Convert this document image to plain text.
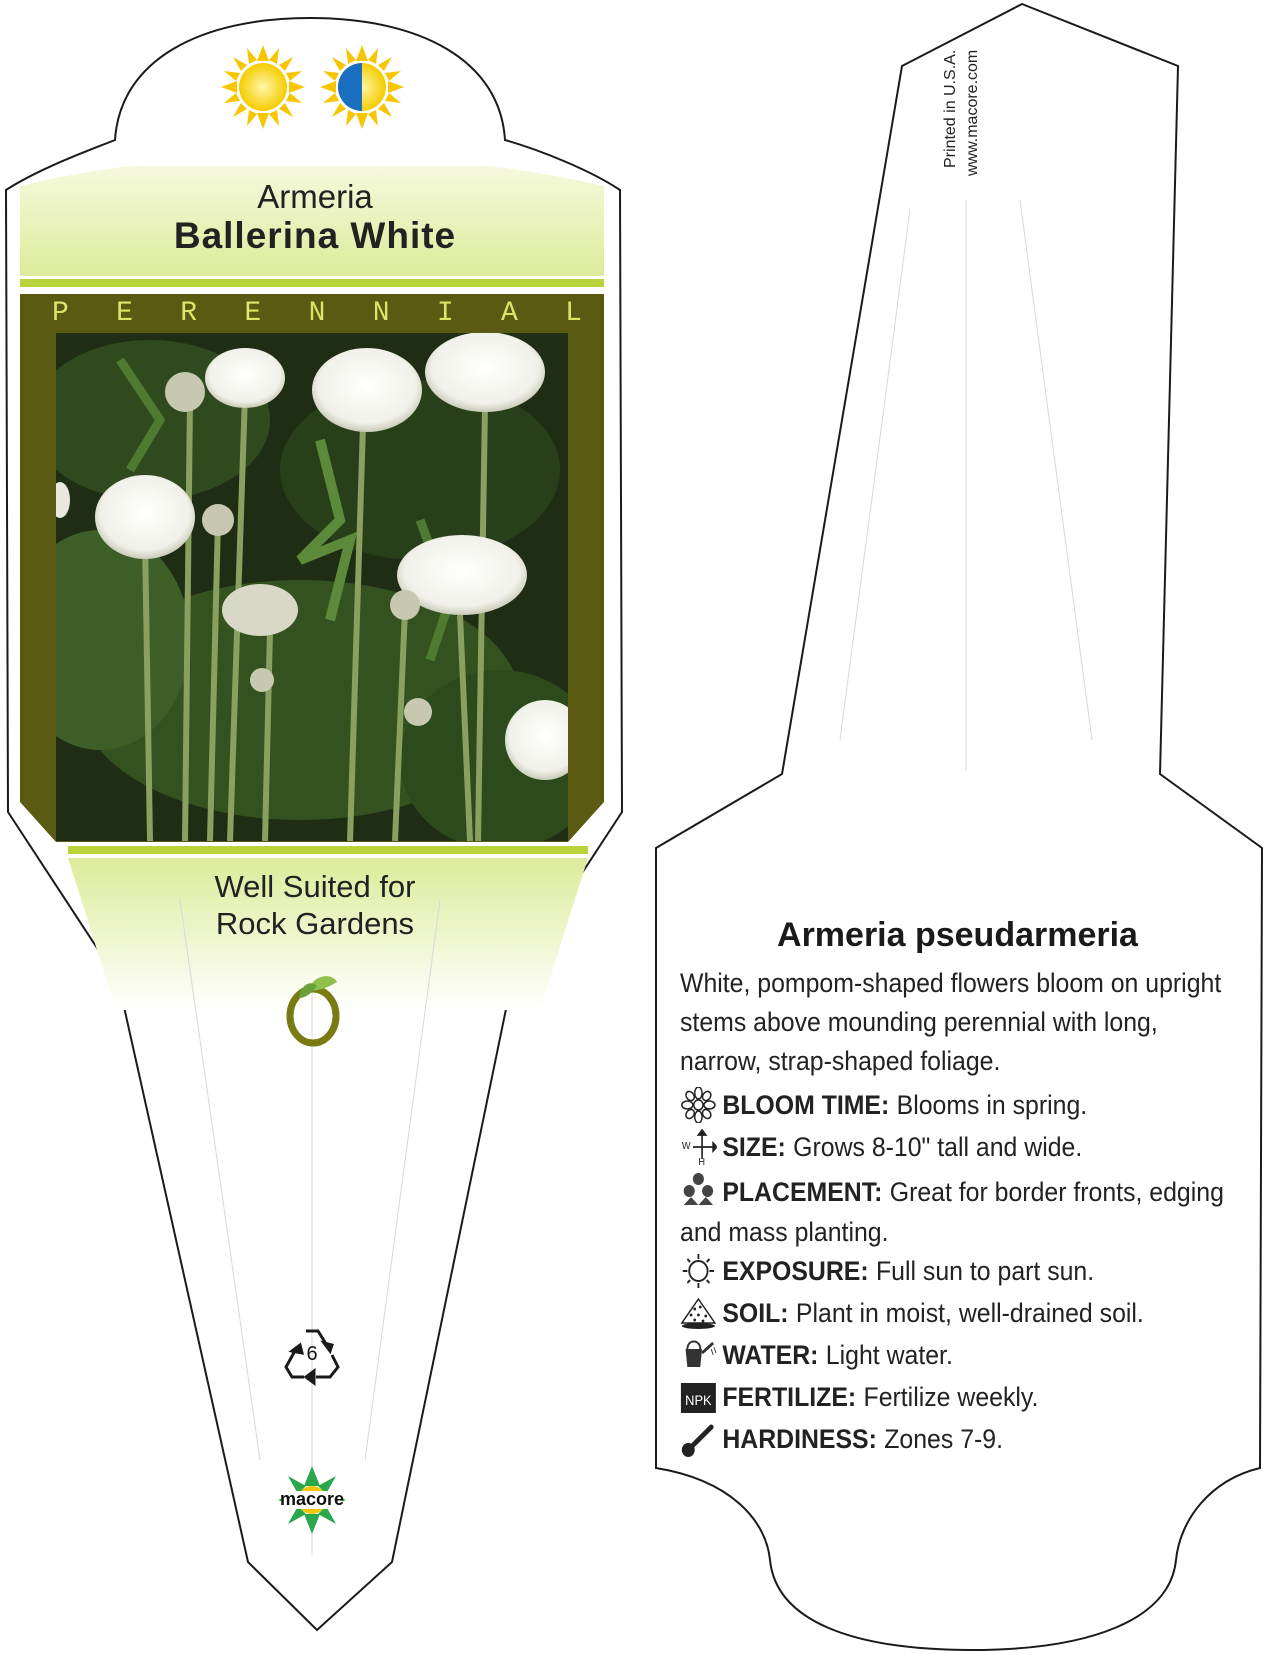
Armeria
Ballerina White
P E R E N N I A L
Well Suited for
Rock Gardens
6
macore
Printed in U.S.A. www.macore.com
Armeria pseudarmeria
White, pompom-shaped flowers bloom on upright stems above mounding perennial with long, narrow, strap-shaped foliage.
BLOOM TIME: Blooms in spring.
W
H
SIZE: Grows 8-10" tall and wide.
PLACEMENT: Great for border fronts, edging and mass planting.
EXPOSURE: Full sun to part sun.
SOIL: Plant in moist, well-drained soil.
WATER: Light water.
NPK FERTILIZE: Fertilize weekly.
HARDINESS: Zones 7-9.
